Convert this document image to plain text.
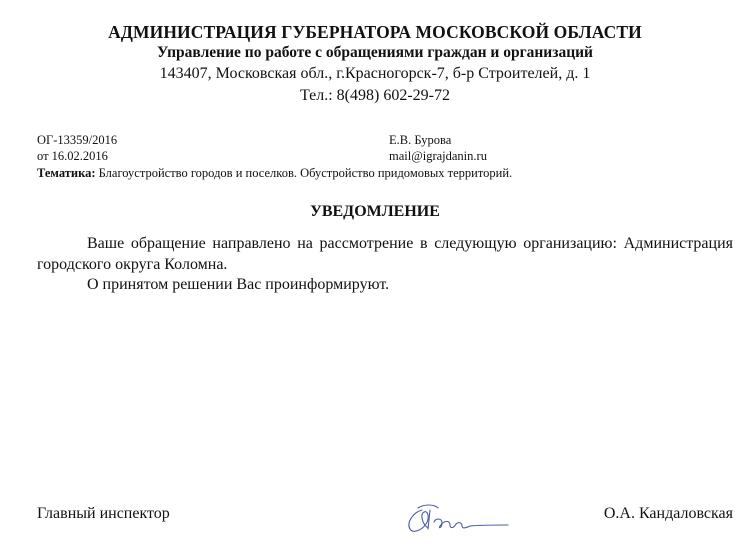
АДМИНИСТРАЦИЯ ГУБЕРНАТОРА МОСКОВСКОЙ ОБЛАСТИ
Управление по работе с обращениями граждан и организаций
143407, Московская обл., г.Красногорск-7, б-р Строителей, д. 1
Тел.: 8(498) 602-29-72
ОГ-13359/2016
от 16.02.2016
Е.В. Бурова
mail@igrajdanin.ru
Тематика: Благоустройство городов и поселков. Обустройство придомовых территорий.
УВЕДОМЛЕНИЕ

Ваше обращение направлено на рассмотрение в следующую организацию: Администрация городского округа Коломна.

О принятом решении Вас проинформируют.

Главный инспектор	О.А. Кандаловская
